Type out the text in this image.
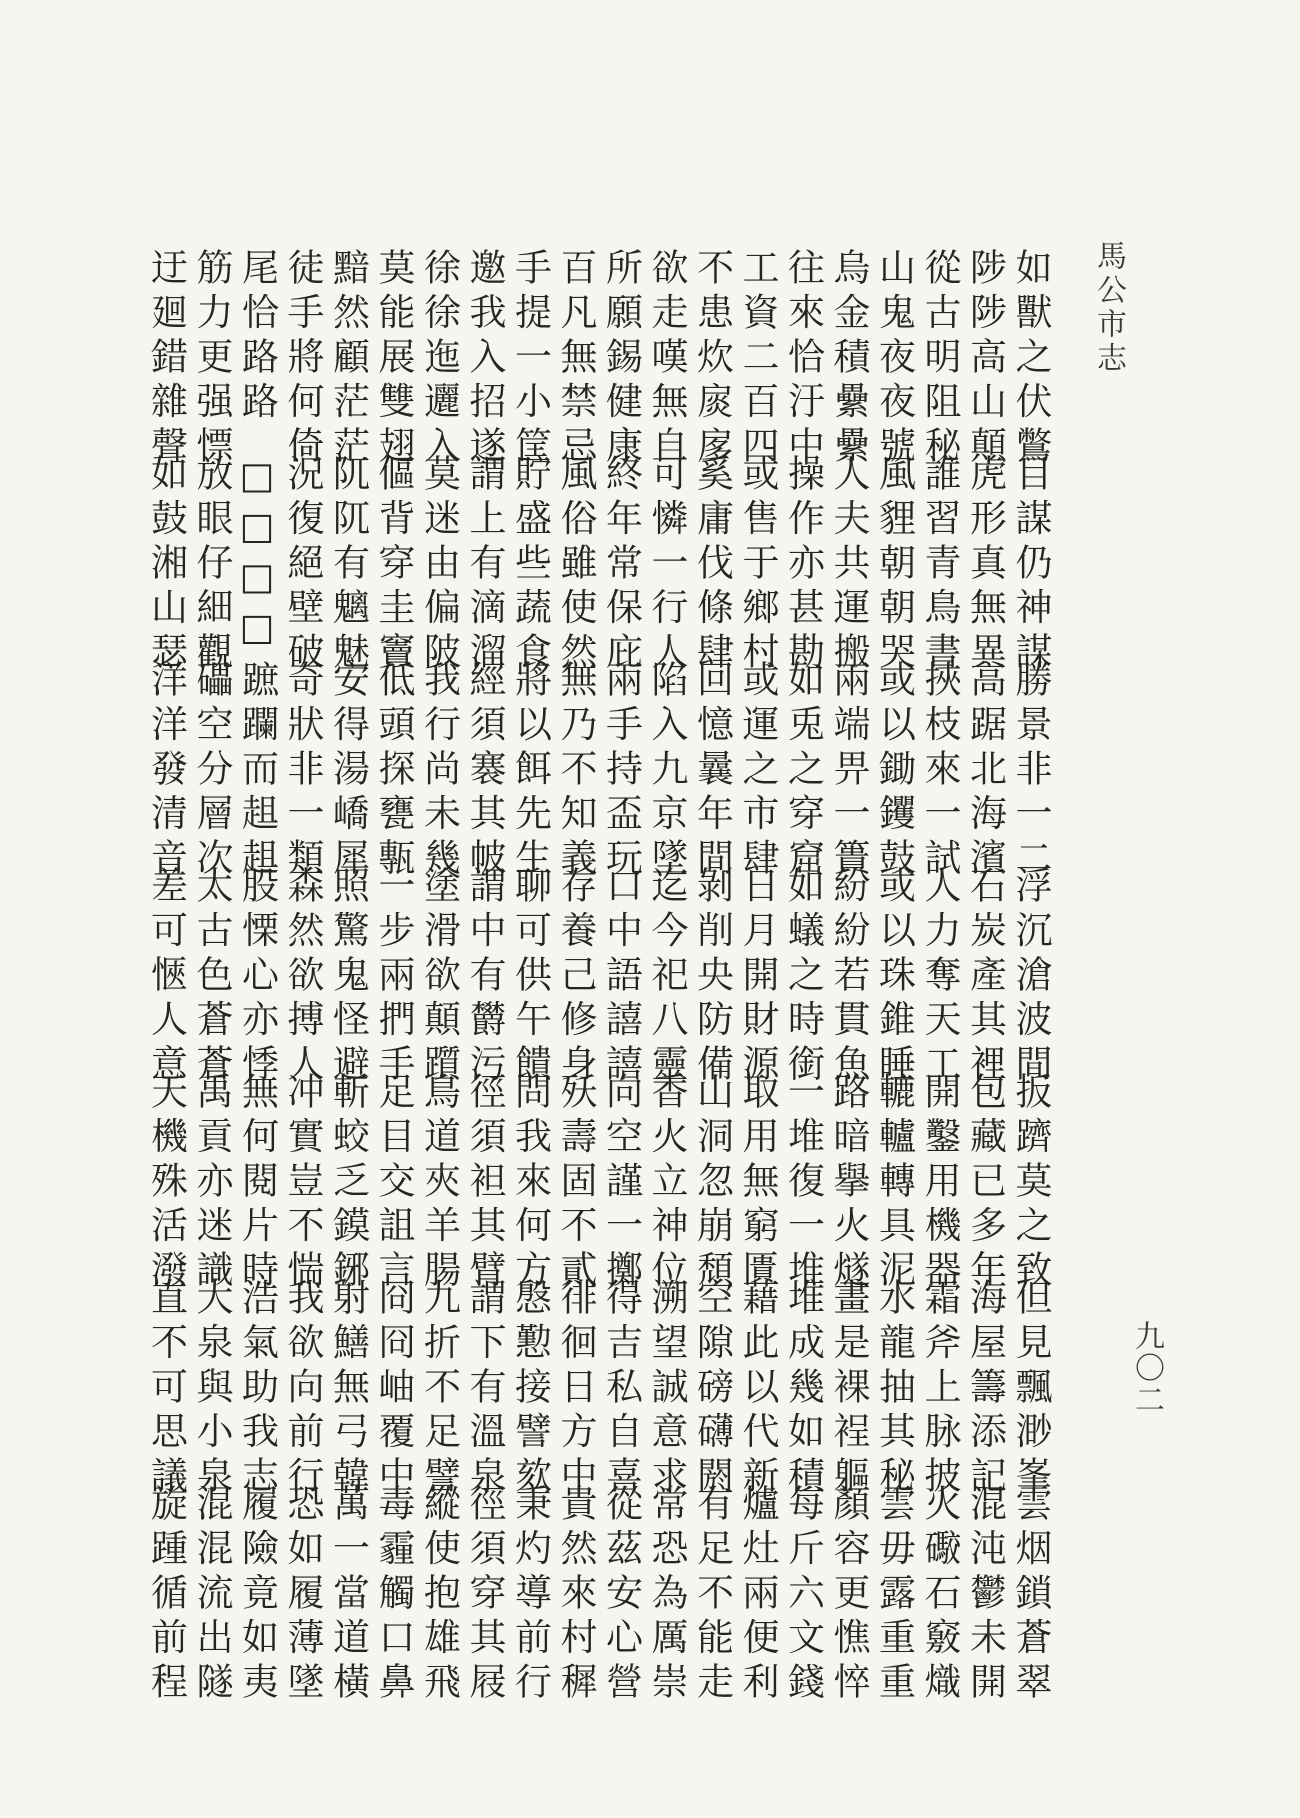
馬公市志
九〇二
如獸之伏鷩
目謀仍神謀
勝景非一二
浮沉滄波間
扳躋莫之致
但見飄渺峯
雲烟鎖蒼翠
陟陟高山顛
虎形真無異
高踞北海濱
石炭產其裡
包藏已多年
海屋籌添記
混沌鬱未開
從古明阻秘
誰習青鳥書
挾枝來一試
人力奪天工
開鑿用機器
霜斧上脉披
火礮石竅熾
山鬼夜夜號
風貍朝朝哭
或以鋤钁鼓
或以珠錐睡
轆轤轉具泥
水龍抽其秘
雲毋露重重
烏金積纍纍
人夫共運搬
兩端畀一簣
紛紛若貫魚
路暗擧火燧
畫是裸裎軀
顏容更憔悴
往來恰汙中
操作亦甚勘
如兎之穿窟
如蟻之時銜
一堆復一堆
堆成幾如積
每斤六文錢
工資二百四
或售于鄉村
或運之市肆
日月開財源
取用無窮匱
藉此以代新
爐灶兩便利
不患炊扊扅
奚庸伐條肆
回憶曩年間
剝削央防備
山洞忽崩頹
空隙磅礴閼
有足不能走
欲走嘆無自
可憐一行人
陷入九京墜
迄今祀八靈
香火立神位
溯望誠意求
常恐為厲崇
所願錫健康
終年常保庇
兩手持盃玩
口中語譆譆
向空謹一擲
得吉私自喜
從茲安心營
百凡無禁忌
風俗雖使然
無乃不知義
存養己修身
殀壽固不貳
徘徊日方中
貴然來村穉
手提一小筐
貯盛些蔬食
將以餌先生
聊可供午饋
問我來何方
慇懃接譬欬
秉灼導前行
邀我入招遂
謂上有滴溜
經須褰其帔
謂中有欝污
徑須袒其臂
謂下有溫泉
徑須穿其屐
徐徐迤邐入
莫迷由偏陂
我行尚未幾
塗滑欲顛躓
鳥道夾羊腸
九折不足譬
縱使抱雄飛
莫能展雙翅
傴背穿圭竇
低頭探甕甎
一步兩捫手
足目交詛言
冏冏岫覆中
毒霾觸口鼻
黯然顧茫茫
阢阢有魑魅
安得湯嶠犀
照驚鬼怪避
斬蛟乏鏌鋣
射鱔無弓韓
萬一當道橫
徒手將何倚
況復絕壁破
奇狀非一類
森然欲搏人
冲實豈不惴
我欲向前行
恐如履薄墜
尾恰路路
□□□□
蹠躝而趄趄
股慄心亦悸
無何閱片時
浩氣助我志
履險竟如夷
筋力更强慓
放眼仔細觀
礧空分層次
太古色蒼蒼
禹貢亦迷識
大泉與小泉
混混流出隧
迂廻錯雜聲
如鼓湘山瑟
洋洋發清音
差可愜人意
天機殊活潑
直不可思議
旋踵循前程
